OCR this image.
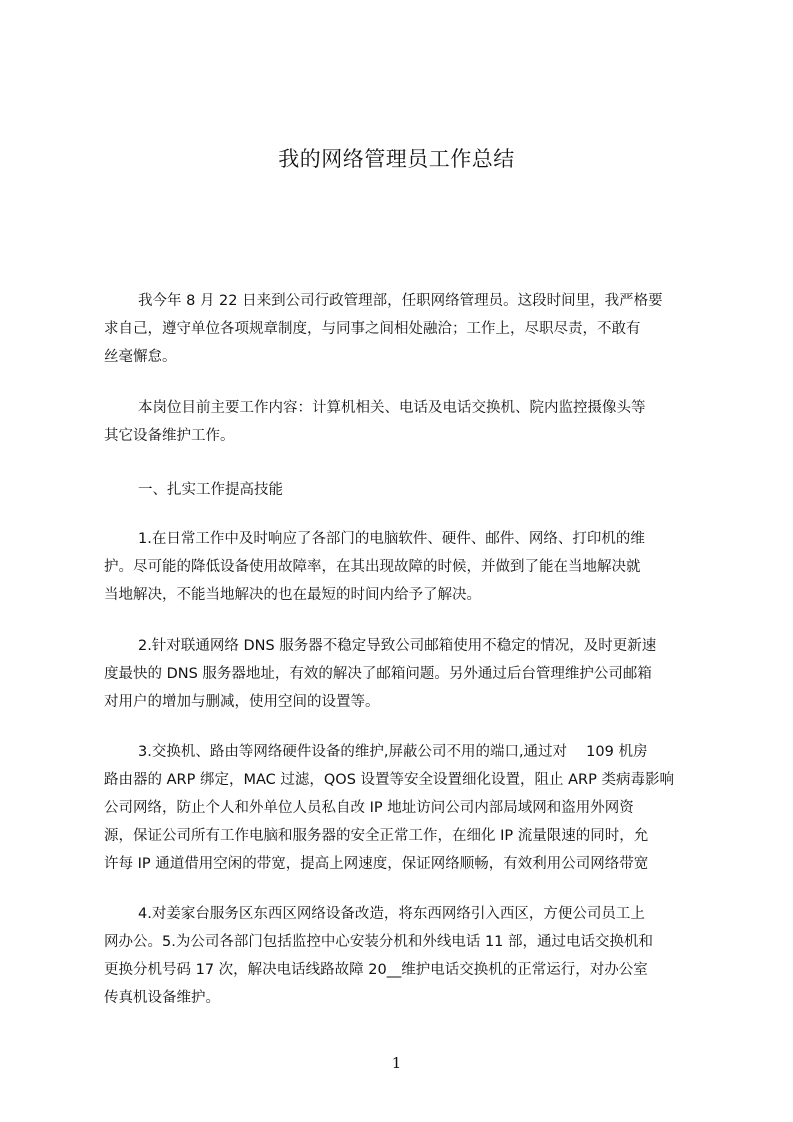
我的网络管理员工作总结
我今年 8 月 22 日来到公司行政管理部，任职网络管理员。这段时间里，我严格要
求自己，遵守单位各项规章制度，与同事之间相处融洽；工作上，尽职尽责，不敢有
丝毫懈怠。
本岗位目前主要工作内容：计算机相关、电话及电话交换机、院内监控摄像头等
其它设备维护工作。
一、扎实工作提高技能
1.在日常工作中及时响应了各部门的电脑软件、硬件、邮件、网络、打印机的维
护。尽可能的降低设备使用故障率，在其出现故障的时候，并做到了能在当地解决就
当地解决，不能当地解决的也在最短的时间内给予了解决。
2.针对联通网络 DNS 服务器不稳定导致公司邮箱使用不稳定的情况，及时更新速
度最快的 DNS 服务器地址，有效的解决了邮箱问题。另外通过后台管理维护公司邮箱
对用户的增加与删减，使用空间的设置等。
3.交换机、路由等网络硬件设备的维护,屏蔽公司不用的端口,通过对　 109 机房
路由器的 ARP 绑定，MAC 过滤，QOS 设置等安全设置细化设置，阻止 ARP 类病毒影响
公司网络，防止个人和外单位人员私自改 IP 地址访问公司内部局域网和盗用外网资
源，保证公司所有工作电脑和服务器的安全正常工作，在细化 IP 流量限速的同时，允
许每 IP 通道借用空闲的带宽，提高上网速度，保证网络顺畅，有效利用公司网络带宽
4.对姜家台服务区东西区网络设备改造，将东西网络引入西区，方便公司员工上
网办公。5.为公司各部门包括监控中心安装分机和外线电话 11 部，通过电话交换机和
更换分机号码 17 次，解决电话线路故障 20__维护电话交换机的正常运行，对办公室
传真机设备维护。
1
